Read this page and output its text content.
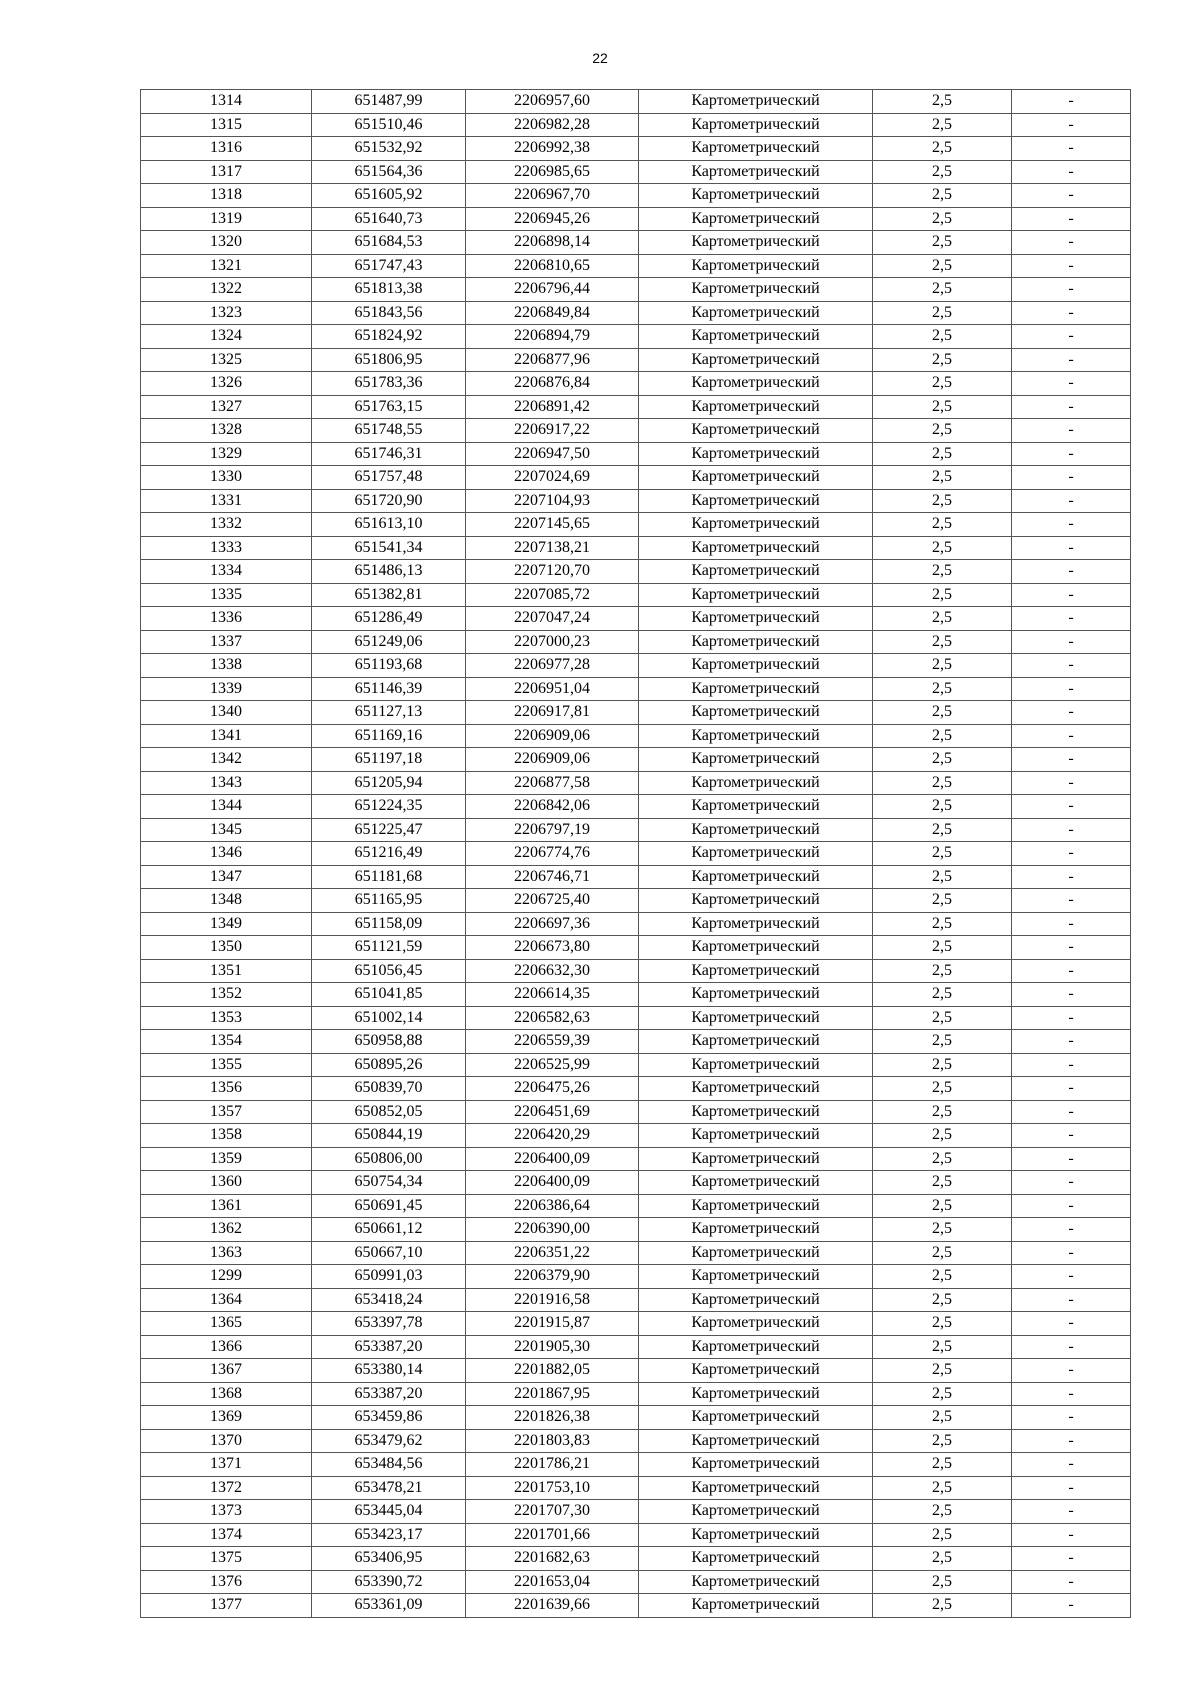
22
1314	651487,99	2206957,60	Картометрический	2,5	-
1315	651510,46	2206982,28	Картометрический	2,5	-
1316	651532,92	2206992,38	Картометрический	2,5	-
1317	651564,36	2206985,65	Картометрический	2,5	-
1318	651605,92	2206967,70	Картометрический	2,5	-
1319	651640,73	2206945,26	Картометрический	2,5	-
1320	651684,53	2206898,14	Картометрический	2,5	-
1321	651747,43	2206810,65	Картометрический	2,5	-
1322	651813,38	2206796,44	Картометрический	2,5	-
1323	651843,56	2206849,84	Картометрический	2,5	-
1324	651824,92	2206894,79	Картометрический	2,5	-
1325	651806,95	2206877,96	Картометрический	2,5	-
1326	651783,36	2206876,84	Картометрический	2,5	-
1327	651763,15	2206891,42	Картометрический	2,5	-
1328	651748,55	2206917,22	Картометрический	2,5	-
1329	651746,31	2206947,50	Картометрический	2,5	-
1330	651757,48	2207024,69	Картометрический	2,5	-
1331	651720,90	2207104,93	Картометрический	2,5	-
1332	651613,10	2207145,65	Картометрический	2,5	-
1333	651541,34	2207138,21	Картометрический	2,5	-
1334	651486,13	2207120,70	Картометрический	2,5	-
1335	651382,81	2207085,72	Картометрический	2,5	-
1336	651286,49	2207047,24	Картометрический	2,5	-
1337	651249,06	2207000,23	Картометрический	2,5	-
1338	651193,68	2206977,28	Картометрический	2,5	-
1339	651146,39	2206951,04	Картометрический	2,5	-
1340	651127,13	2206917,81	Картометрический	2,5	-
1341	651169,16	2206909,06	Картометрический	2,5	-
1342	651197,18	2206909,06	Картометрический	2,5	-
1343	651205,94	2206877,58	Картометрический	2,5	-
1344	651224,35	2206842,06	Картометрический	2,5	-
1345	651225,47	2206797,19	Картометрический	2,5	-
1346	651216,49	2206774,76	Картометрический	2,5	-
1347	651181,68	2206746,71	Картометрический	2,5	-
1348	651165,95	2206725,40	Картометрический	2,5	-
1349	651158,09	2206697,36	Картометрический	2,5	-
1350	651121,59	2206673,80	Картометрический	2,5	-
1351	651056,45	2206632,30	Картометрический	2,5	-
1352	651041,85	2206614,35	Картометрический	2,5	-
1353	651002,14	2206582,63	Картометрический	2,5	-
1354	650958,88	2206559,39	Картометрический	2,5	-
1355	650895,26	2206525,99	Картометрический	2,5	-
1356	650839,70	2206475,26	Картометрический	2,5	-
1357	650852,05	2206451,69	Картометрический	2,5	-
1358	650844,19	2206420,29	Картометрический	2,5	-
1359	650806,00	2206400,09	Картометрический	2,5	-
1360	650754,34	2206400,09	Картометрический	2,5	-
1361	650691,45	2206386,64	Картометрический	2,5	-
1362	650661,12	2206390,00	Картометрический	2,5	-
1363	650667,10	2206351,22	Картометрический	2,5	-
1299	650991,03	2206379,90	Картометрический	2,5	-
1364	653418,24	2201916,58	Картометрический	2,5	-
1365	653397,78	2201915,87	Картометрический	2,5	-
1366	653387,20	2201905,30	Картометрический	2,5	-
1367	653380,14	2201882,05	Картометрический	2,5	-
1368	653387,20	2201867,95	Картометрический	2,5	-
1369	653459,86	2201826,38	Картометрический	2,5	-
1370	653479,62	2201803,83	Картометрический	2,5	-
1371	653484,56	2201786,21	Картометрический	2,5	-
1372	653478,21	2201753,10	Картометрический	2,5	-
1373	653445,04	2201707,30	Картометрический	2,5	-
1374	653423,17	2201701,66	Картометрический	2,5	-
1375	653406,95	2201682,63	Картометрический	2,5	-
1376	653390,72	2201653,04	Картометрический	2,5	-
1377	653361,09	2201639,66	Картометрический	2,5	-
